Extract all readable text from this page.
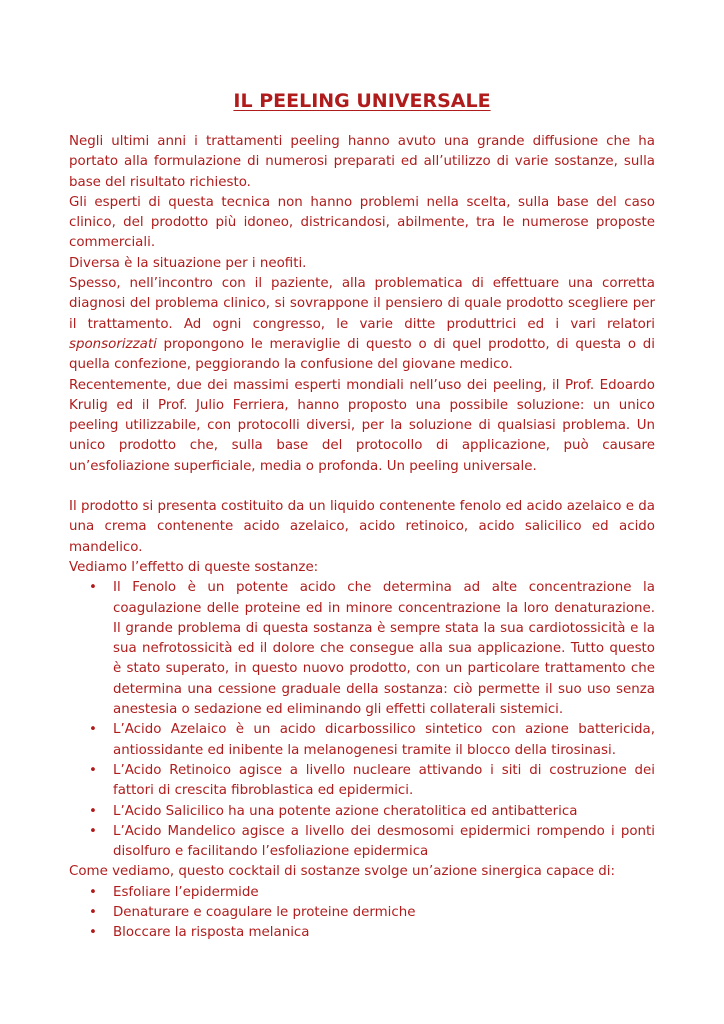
IL PEELING UNIVERSALE

Negli ultimi anni i trattamenti peeling hanno avuto una grande diffusione che ha portato alla formulazione di numerosi preparati ed all’utilizzo di varie sostanze, sulla base del risultato richiesto.

Gli esperti di questa tecnica non hanno problemi nella scelta, sulla base del caso clinico, del prodotto più idoneo, districandosi, abilmente, tra le numerose proposte commerciali.

Diversa è la situazione per i neofiti.

Spesso, nell’incontro con il paziente, alla problematica di effettuare una corretta diagnosi del problema clinico, si sovrappone il pensiero di quale prodotto scegliere per il trattamento. Ad ogni congresso, le varie ditte produttrici ed i vari relatori sponsorizzati propongono le meraviglie di questo o di quel prodotto, di questa o di quella confezione, peggiorando la confusione del giovane medico.

Recentemente, due dei massimi esperti mondiali nell’uso dei peeling, il Prof. Edoardo Krulig ed il Prof. Julio Ferriera, hanno proposto una possibile soluzione: un unico peeling utilizzabile, con protocolli diversi, per la soluzione di qualsiasi problema. Un unico prodotto che, sulla base del protocollo di applicazione, può causare un’esfoliazione superficiale, media o profonda. Un peeling universale.

Il prodotto si presenta costituito da un liquido contenente fenolo ed acido azelaico e da una crema contenente acido azelaico, acido retinoico, acido salicilico ed acido mandelico.

Vediamo l’effetto di queste sostanze:

• Il Fenolo è un potente acido che determina ad alte concentrazione la coagulazione delle proteine ed in minore concentrazione la loro denaturazione. Il grande problema di questa sostanza è sempre stata la sua cardiotossicità e la sua nefrotossicità ed il dolore che consegue alla sua applicazione. Tutto questo è stato superato, in questo nuovo prodotto, con un particolare trattamento che determina una cessione graduale della sostanza: ciò permette il suo uso senza anestesia o sedazione ed eliminando gli effetti collaterali sistemici.
• L’Acido Azelaico è un acido dicarbossilico sintetico con azione battericida, antiossidante ed inibente la melanogenesi tramite il blocco della tirosinasi.
• L’Acido Retinoico agisce a livello nucleare attivando i siti di costruzione dei fattori di crescita fibroblastica ed epidermici.
• L’Acido Salicilico ha una potente azione cheratolitica ed antibatterica
• L’Acido Mandelico agisce a livello dei desmosomi epidermici rompendo i ponti disolfuro e facilitando l’esfoliazione epidermica

Come vediamo, questo cocktail di sostanze svolge un’azione sinergica capace di:

• Esfoliare l’epidermide
• Denaturare e coagulare le proteine dermiche
• Bloccare la risposta melanica
